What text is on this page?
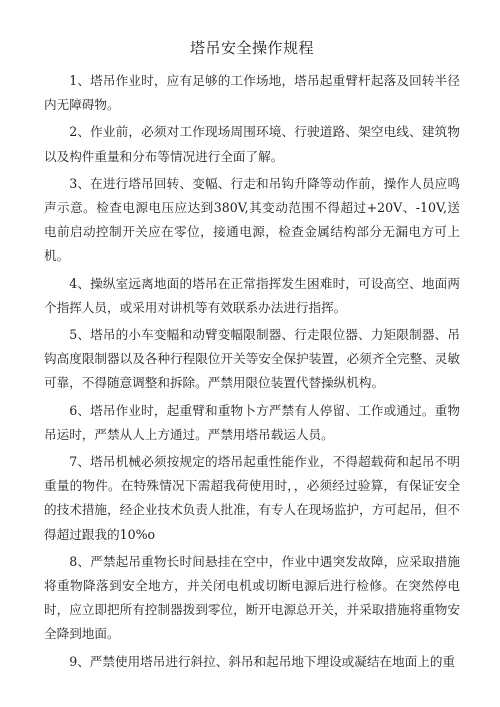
塔吊安全操作规程

1、塔吊作业时，应有足够的工作场地，塔吊起重臂杆起落及回转半径内无障碍物。

2、作业前，必须对工作现场周围环境、行驶道路、架空电线、建筑物以及构件重量和分布等情况进行全面了解。

3、在进行塔吊回转、变幅、行走和吊钩升降等动作前，操作人员应鸣声示意。检查电源电压应达到380V,其变动范围不得超过+20V、-10V,送电前启动控制开关应在零位，接通电源，检查金属结构部分无漏电方可上机。

4、操纵室远离地面的塔吊在正常指挥发生困难时，可设高空、地面两个指挥人员，或采用对讲机等有效联系办法进行指挥。

5、塔吊的小车变幅和动臂变幅限制器、行走限位器、力矩限制器、吊钩高度限制器以及各种行程限位开关等安全保护装置，必须齐全完整、灵敏可靠，不得随意调整和拆除。严禁用限位装置代替操纵机构。

6、塔吊作业时，起重臂和重物卜方严禁有人停留、工作或通过。重物吊运时，严禁从人上方通过。严禁用塔吊载运人员。

7、塔吊机械必须按规定的塔吊起重性能作业，不得超载荷和起吊不明重量的物件。在特殊情况下需超我荷使用时，，必须经过验算，有保证安全的技术措施，经企业技术负责人批准，有专人在现场监护，方可起吊，但不得超过跟我的10%o

8、严禁起吊重物长时间悬挂在空中，作业中遇突发故障，应采取措施将重物降落到安全地方，并关闭电机或切断电源后进行检修。在突然停电时，应立即把所有控制器拨到零位，断开电源总开关，并采取措施将重物安全降到地面。

9、严禁使用塔吊进行斜拉、斜吊和起吊地下埋设或凝结在地面上的重
